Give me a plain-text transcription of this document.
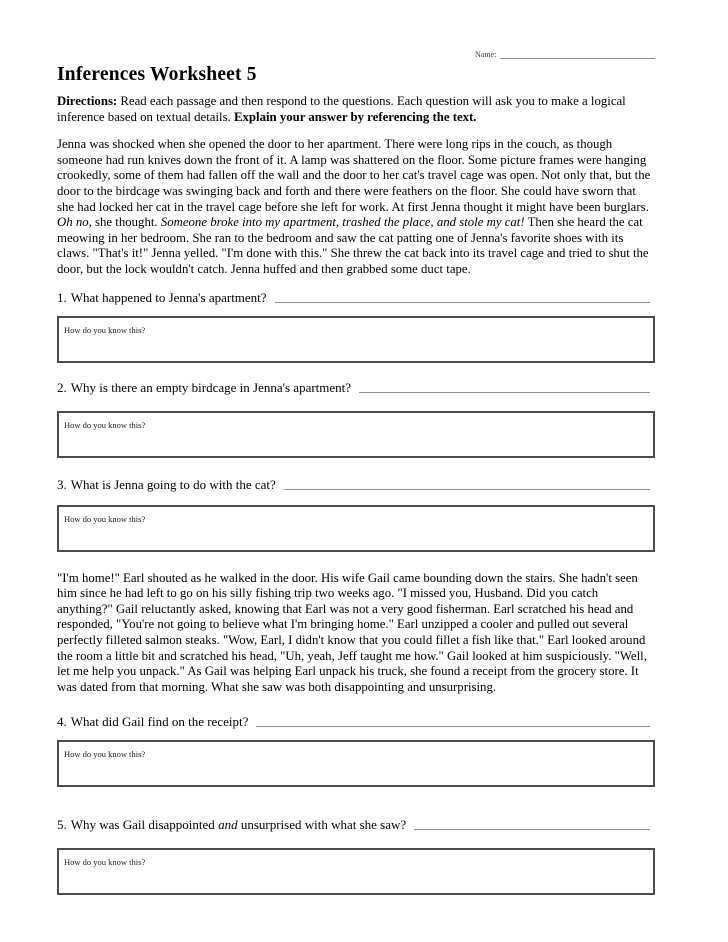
Name:
Inferences Worksheet 5

Directions: Read each passage and then respond to the questions. Each question will ask you to make a logical inference based on textual details. Explain your answer by referencing the text.

Jenna was shocked when she opened the door to her apartment. There were long rips in the couch, as though someone had run knives down the front of it. A lamp was shattered on the floor. Some picture frames were hanging crookedly, some of them had fallen off the wall and the door to her cat's travel cage was open. Not only that, but the door to the birdcage was swinging back and forth and there were feathers on the floor. She could have sworn that she had locked her cat in the travel cage before she left for work. At first Jenna thought it might have been burglars. Oh no, she thought. Someone broke into my apartment, trashed the place, and stole my cat! Then she heard the cat meowing in her bedroom. She ran to the bedroom and saw the cat patting one of Jenna's favorite shoes with its claws. "That's it!" Jenna yelled. "I'm done with this." She threw the cat back into its travel cage and tried to shut the door, but the lock wouldn't catch. Jenna huffed and then grabbed some duct tape.

1. What happened to Jenna's apartment?
How do you know this?
2. Why is there an empty birdcage in Jenna's apartment?
How do you know this?
3. What is Jenna going to do with the cat?
How do you know this?

"I'm home!" Earl shouted as he walked in the door. His wife Gail came bounding down the stairs. She hadn't seen him since he had left to go on his silly fishing trip two weeks ago. "I missed you, Husband. Did you catch anything?" Gail reluctantly asked, knowing that Earl was not a very good fisherman. Earl scratched his head and responded, "You're not going to believe what I'm bringing home." Earl unzipped a cooler and pulled out several perfectly filleted salmon steaks. "Wow, Earl, I didn't know that you could fillet a fish like that." Earl looked around the room a little bit and scratched his head, "Uh, yeah, Jeff taught me how." Gail looked at him suspiciously. "Well, let me help you unpack." As Gail was helping Earl unpack his truck, she found a receipt from the grocery store. It was dated from that morning. What she saw was both disappointing and unsurprising.

4. What did Gail find on the receipt?
How do you know this?
5. Why was Gail disappointed and unsurprised with what she saw?
How do you know this?
